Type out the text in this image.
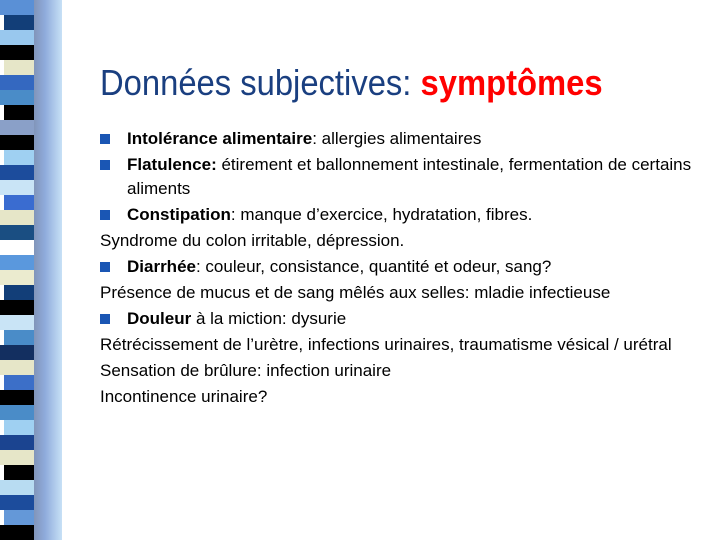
Données subjectives: symptômes
Intolérance alimentaire: allergies alimentaires
Flatulence: étirement et ballonnement intestinale, fermentation de certains aliments
Constipation: manque d’exercice, hydratation, fibres.
Syndrome du colon irritable, dépression.
Diarrhée: couleur, consistance, quantité et odeur, sang?
Présence de mucus et de sang mêlés aux selles: mladie infectieuse
Douleur à la miction: dysurie
Rétrécissement de l’urètre, infections urinaires, traumatisme vésical / urétral
Sensation de brûlure: infection urinaire
Incontinence urinaire?
